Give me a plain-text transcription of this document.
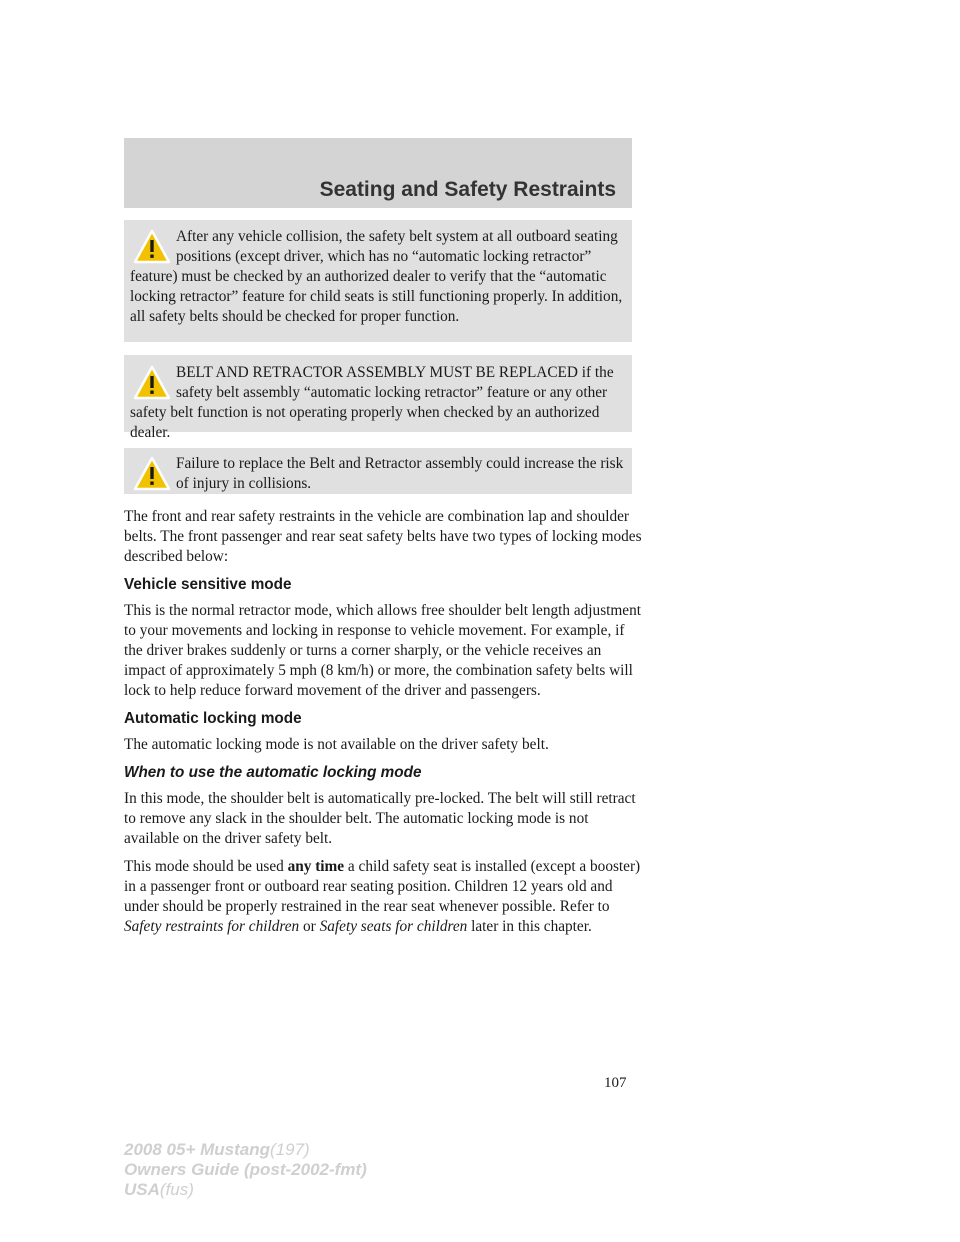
Seating and Safety Restraints

After any vehicle collision, the safety belt system at all outboard seating positions (except driver, which has no “automatic locking retractor” feature) must be checked by an authorized dealer to verify that the “automatic locking retractor” feature for child seats is still functioning properly. In addition, all safety belts should be checked for proper function.

BELT AND RETRACTOR ASSEMBLY MUST BE REPLACED if the safety belt assembly “automatic locking retractor” feature or any other safety belt function is not operating properly when checked by an authorized dealer.

Failure to replace the Belt and Retractor assembly could increase the risk of injury in collisions.

The front and rear safety restraints in the vehicle are combination lap and shoulder belts. The front passenger and rear seat safety belts have two types of locking modes described below:

Vehicle sensitive mode

This is the normal retractor mode, which allows free shoulder belt length adjustment to your movements and locking in response to vehicle movement. For example, if the driver brakes suddenly or turns a corner sharply, or the vehicle receives an impact of approximately 5 mph (8 km/h) or more, the combination safety belts will lock to help reduce forward movement of the driver and passengers.

Automatic locking mode

The automatic locking mode is not available on the driver safety belt.

When to use the automatic locking mode

In this mode, the shoulder belt is automatically pre-locked. The belt will still retract to remove any slack in the shoulder belt. The automatic locking mode is not available on the driver safety belt.

This mode should be used any time a child safety seat is installed (except a booster) in a passenger front or outboard rear seating position. Children 12 years old and under should be properly restrained in the rear seat whenever possible. Refer to Safety restraints for children or Safety seats for children later in this chapter.

107

2008 05+ Mustang(197)
Owners Guide (post-2002-fmt)
USA(fus)
